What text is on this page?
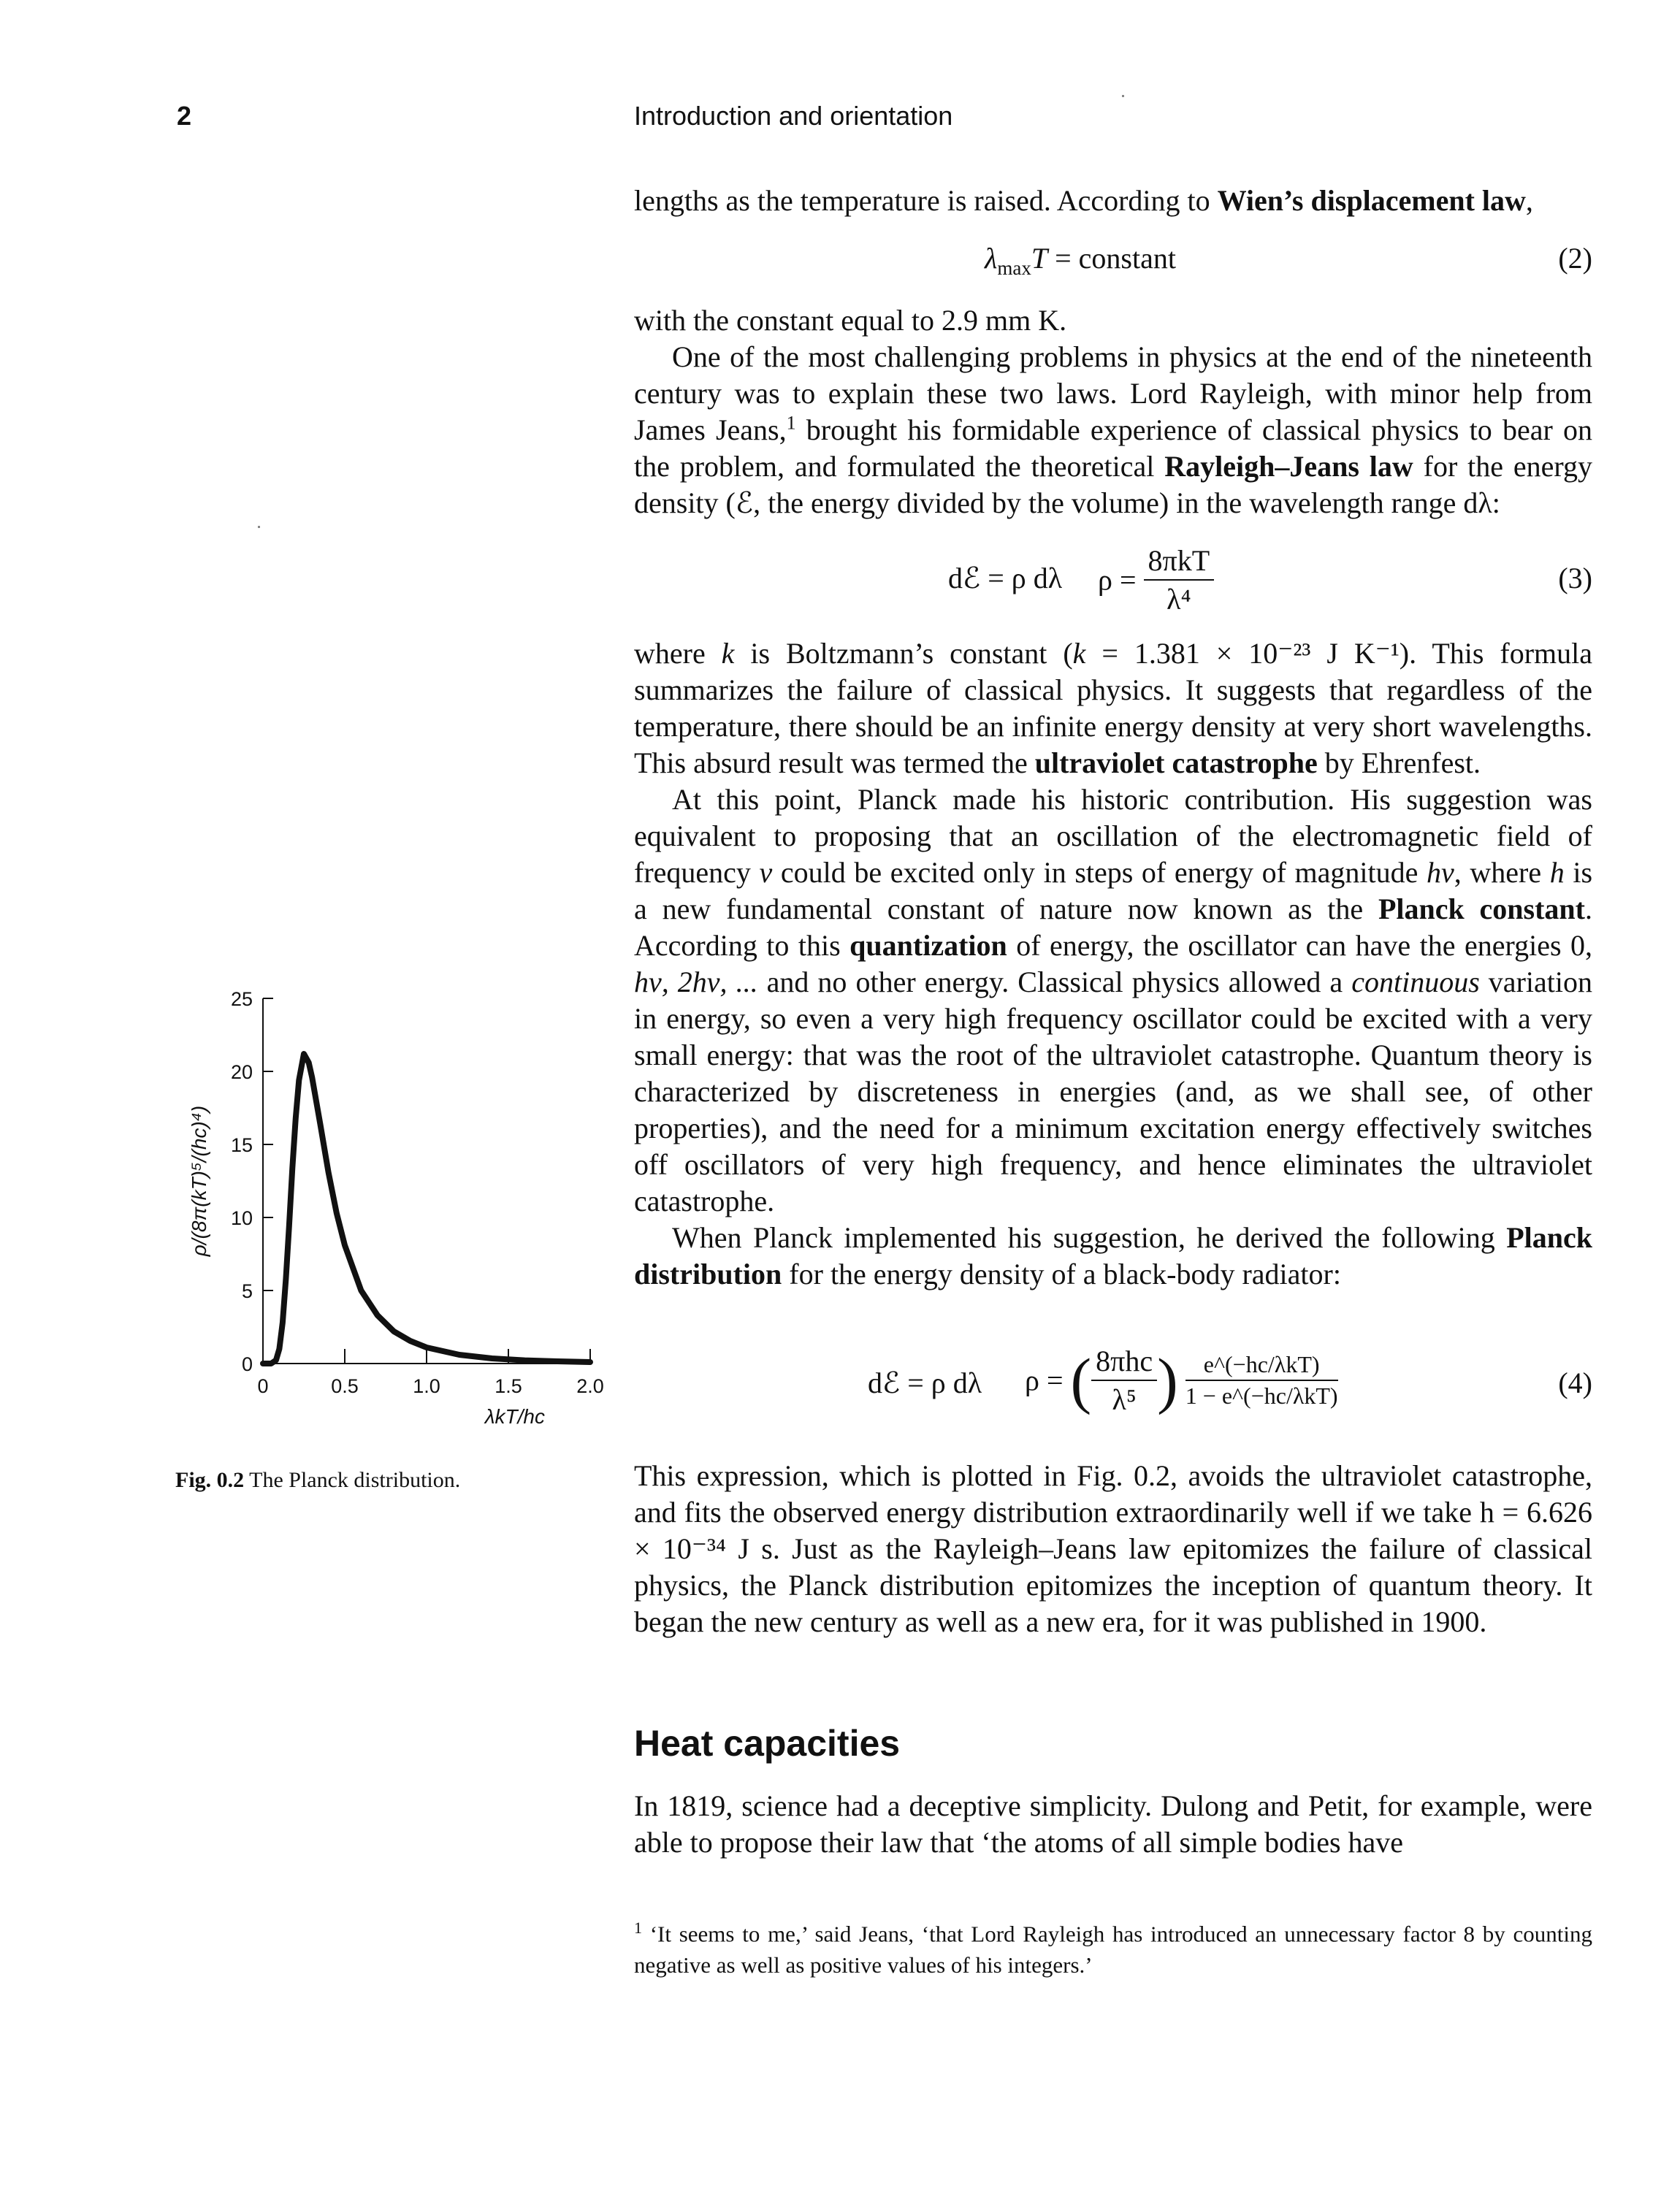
2	Introduction and orientation

lengths as the temperature is raised. According to Wien’s displacement law,

$\lambda_{max}T$ = constant	(2)

with the constant equal to 2.9 mm K.

One of the most challenging problems in physics at the end of the nineteenth century was to explain these two laws. Lord Rayleigh, with minor help from James Jeans,$^1$ brought his formidable experience of classical physics to bear on the problem, and formulated the theoretical Rayleigh–Jeans law for the energy density (ℰ, the energy divided by the volume) in the wavelength range dλ:

dℰ = ρ dλ $\rho = \frac{\text{8πkT}}{\text{λ⁴}}$	(3)

where k is Boltzmann’s constant (k = 1.381 × 10⁻²³ J K⁻¹). This formula summarizes the failure of classical physics. It suggests that regardless of the temperature, there should be an infinite energy density at very short wavelengths. This absurd result was termed the ultraviolet catastrophe by Ehrenfest.

At this point, Planck made his historic contribution. His suggestion was equivalent to proposing that an oscillation of the electromagnetic field of frequency ν could be excited only in steps of energy of magnitude hν, where h is a new fundamental constant of nature now known as the Planck constant. According to this quantization of energy, the oscillator can have the energies 0, hν, 2hν, ... and no other energy. Classical physics allowed a continuous variation in energy, so even a very high frequency oscillator could be excited with a very small energy: that was the root of the ultraviolet catastrophe. Quantum theory is characterized by discreteness in energies (and, as we shall see, of other properties), and the need for a minimum excitation energy effectively switches off oscillators of very high frequency, and hence eliminates the ultraviolet catastrophe.

When Planck implemented his suggestion, he derived the following Planck distribution for the energy density of a black-body radiator:

dℰ = ρ dλ ρ = ( $\frac{\text{8πhc}}{\text{λ⁵}}$ ) $\frac{\text{e\textasciicircum{}(−hc/λkT)}}{\text{1 − e\textasciicircum{}(−hc/λkT)}}$	(4)

This expression, which is plotted in Fig. 0.2, avoids the ultraviolet catastrophe, and fits the observed energy distribution extraordinarily well if we take h = 6.626 × 10⁻³⁴ J s. Just as the Rayleigh–Jeans law epitomizes the failure of classical physics, the Planck distribution epitomizes the inception of quantum theory. It began the new century as well as a new era, for it was published in 1900.

Heat capacities

In 1819, science had a deceptive simplicity. Dulong and Petit, for example, were able to propose their law that ‘the atoms of all simple bodies have

$^1$ ‘It seems to me,’ said Jeans, ‘that Lord Rayleigh has introduced an unnecessary factor 8 by counting negative as well as positive values of his integers.’
Fig. 0.2 The Planck distribution.
0
5
10
15
20
25
0	0.5	1.0	1.5	2.0
λkT/hc
ρ/(8π(kT)⁵/(hc)⁴)
